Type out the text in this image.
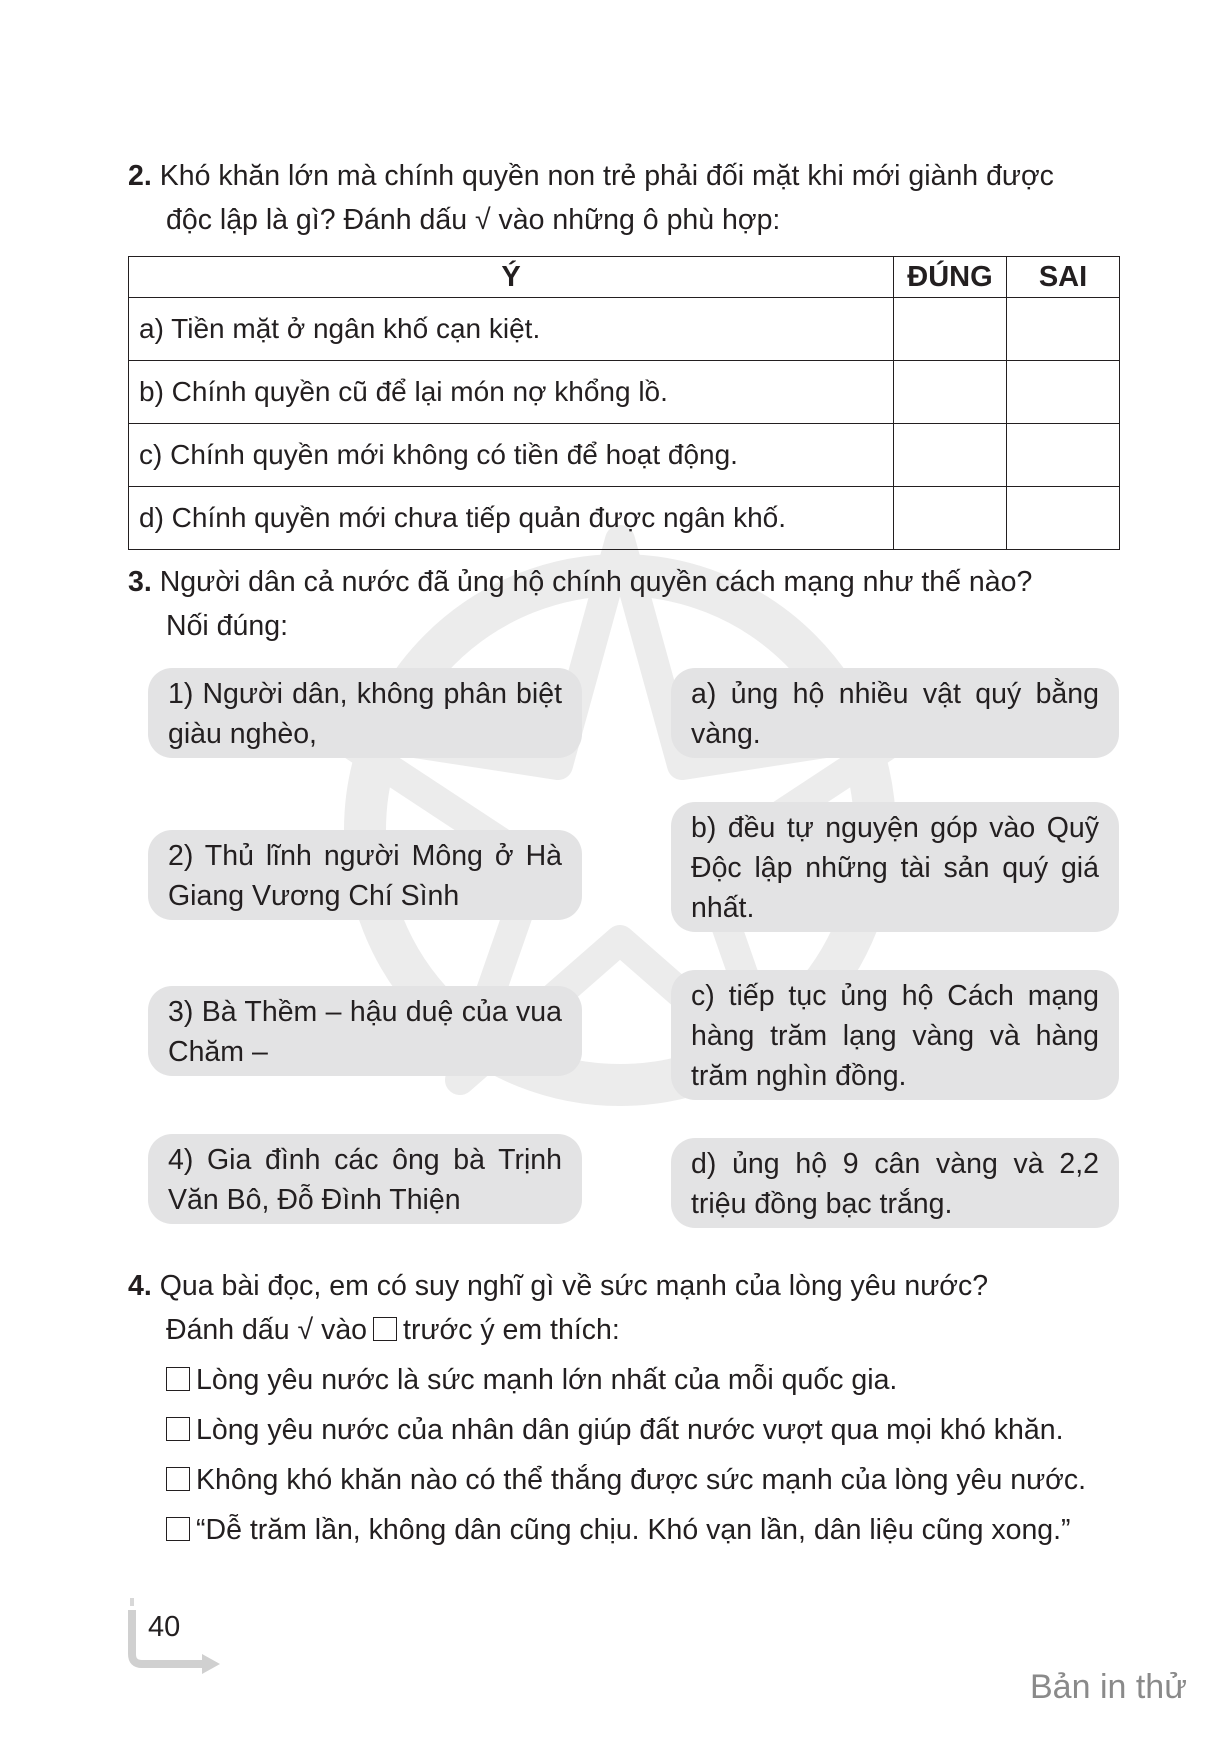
2. Khó khăn lớn mà chính quyền non trẻ phải đối mặt khi mới giành được
độc lập là gì? Đánh dấu √ vào những ô phù hợp:
Ý	ĐÚNG	SAI
a) Tiền mặt ở ngân khố cạn kiệt.		
b) Chính quyền cũ để lại món nợ khổng lồ.		
c) Chính quyền mới không có tiền để hoạt động.		
d) Chính quyền mới chưa tiếp quản được ngân khố.		
3. Người dân cả nước đã ủng hộ chính quyền cách mạng như thế nào?
Nối đúng:
1) Người dân, không phân biệt giàu nghèo,
2) Thủ lĩnh người Mông ở Hà Giang Vương Chí Sình
3) Bà Thềm – hậu duệ của vua Chăm –
4) Gia đình các ông bà Trịnh Văn Bô, Đỗ Đình Thiện
a) ủng hộ nhiều vật quý bằng vàng.
b) đều tự nguyện góp vào Quỹ Độc lập những tài sản quý giá nhất.
c) tiếp tục ủng hộ Cách mạng hàng trăm lạng vàng và hàng trăm nghìn đồng.
d) ủng hộ 9 cân vàng và 2,2 triệu đồng bạc trắng.
4. Qua bài đọc, em có suy nghĩ gì về sức mạnh của lòng yêu nước?
Đánh dấu √ vào trước ý em thích:
Lòng yêu nước là sức mạnh lớn nhất của mỗi quốc gia.
Lòng yêu nước của nhân dân giúp đất nước vượt qua mọi khó khăn.
Không khó khăn nào có thể thắng được sức mạnh của lòng yêu nước.
“Dễ trăm lần, không dân cũng chịu. Khó vạn lần, dân liệu cũng xong.”
40
Bản in thử
